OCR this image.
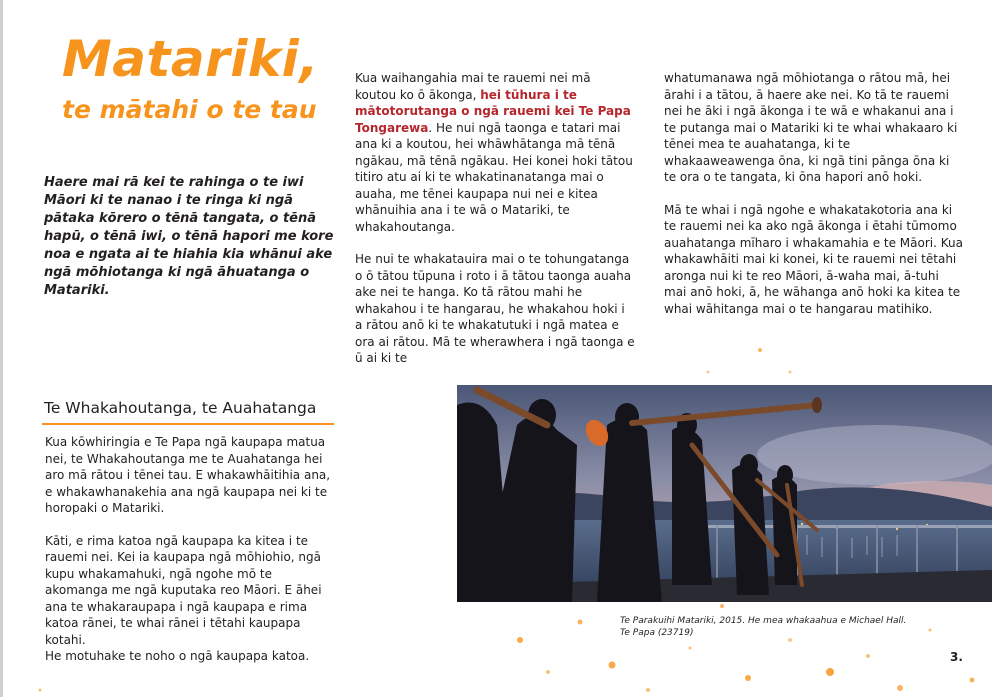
Matariki,
te mātahi o te tau

Haere mai rā kei te rahinga o te iwi Māori ki te nanao i te ringa ki ngā pātaka kōrero o tēnā tangata, o tēnā hapū, o tēnā iwi, o tēnā hapori me kore noa e ngata ai te hiahia kia whānui ake ngā mōhiotanga ki ngā āhuatanga o Matariki.

Kua waihangahia mai te rauemi nei mā koutou ko ō ākonga, hei tūhura i te mātotorutanga o ngā rauemi kei Te Papa Tongarewa. He nui ngā taonga e tatari mai ana ki a koutou, hei whāwhātanga mā tēnā ngākau, mā tēnā ngākau. Hei konei hoki tātou titiro atu ai ki te whakatinanatanga mai o auaha, me tēnei kaupapa nui nei e kitea whānuihia ana i te wā o Matariki, te whakahoutanga.

He nui te whakatauira mai o te tohungatanga o ō tātou tūpuna i roto i ā tātou taonga auaha ake nei te hanga. Ko tā rātou mahi he whakahou i te hangarau, he whakahou hoki i a rātou anō ki te whakatutuki i ngā matea e ora ai rātou. Mā te wherawhera i ngā taonga e ū ai ki te

whatumanawa ngā mōhiotanga o rātou mā, hei ārahi i a tātou, ā haere ake nei. Ko tā te rauemi nei he āki i ngā ākonga i te wā e whakanui ana i te putanga mai o Matariki ki te whai whakaaro ki tēnei mea te auahatanga, ki te whakaaweawenga ōna, ki ngā tini pānga ōna ki te ora o te tangata, ki ōna hapori anō hoki.

Mā te whai i ngā ngohe e whakatakotoria ana ki te rauemi nei ka ako ngā ākonga i ētahi tūmomo auahatanga mīharo i whakamahia e te Māori. Kua whakawhāiti mai ki konei, ki te rauemi nei tētahi aronga nui ki te reo Māori, ā-waha mai, ā-tuhi mai anō hoki, ā, he wāhanga anō hoki ka kitea te whai wāhitanga mai o te hangarau matihiko.

Te Whakahoutanga, te Auahatanga

Kua kōwhiringia e Te Papa ngā kaupapa matua nei, te Whakahoutanga me te Auahatanga hei aro mā rātou i tēnei tau. E whakawhāitihia ana, e whakawhanakehia ana ngā kaupapa nei ki te horopaki o Matariki.

Kāti, e rima katoa ngā kaupapa ka kitea i te rauemi nei. Kei ia kaupapa ngā mōhiohio, ngā kupu whakamahuki, ngā ngohe mō te akomanga me ngā kuputaka reo Māori. E āhei ana te whakaraupapa i ngā kaupapa e rima katoa rānei, te whai rānei i tētahi kaupapa kotahi.

He motuhake te noho o ngā kaupapa katoa.

Te Parakuihi Matariki, 2015. He mea whakaahua e Michael Hall.
Te Papa (23719)

3.
